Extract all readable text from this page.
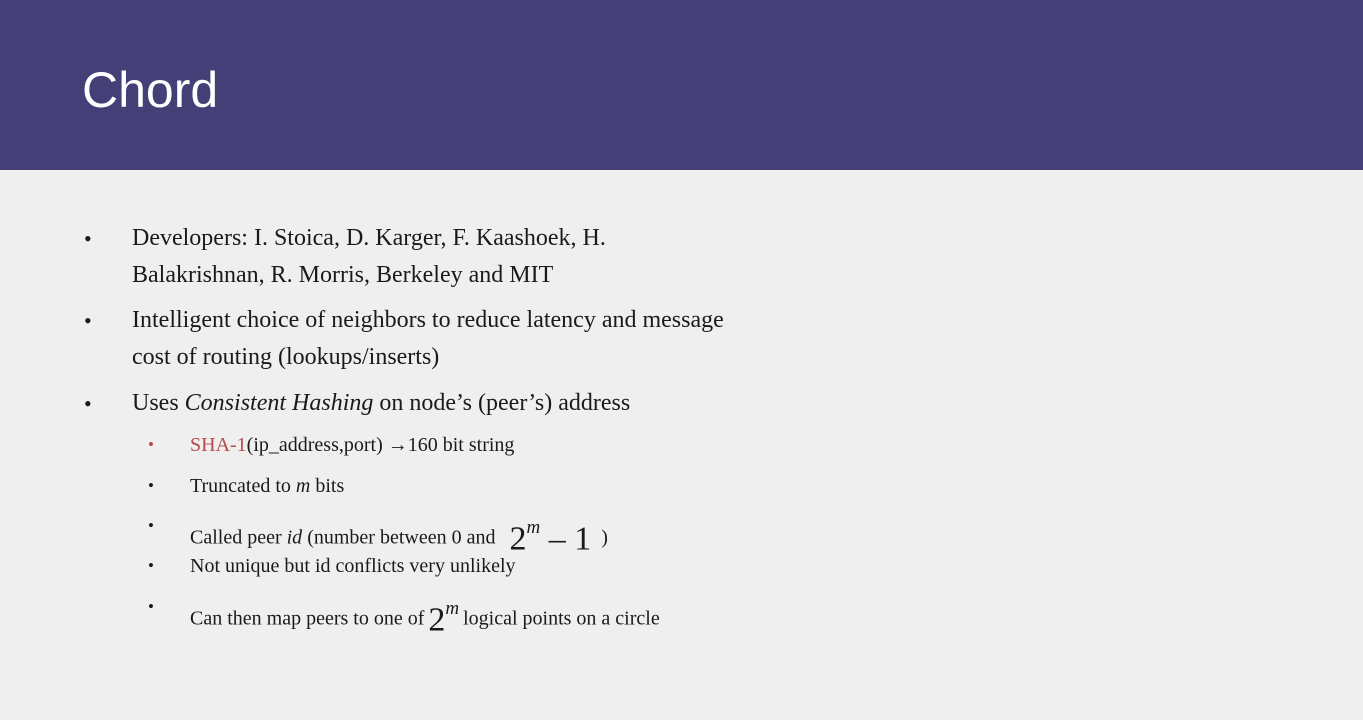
Chord
• Developers: I. Stoica, D. Karger, F. Kaashoek, H.
Balakrishnan, R. Morris, Berkeley and MIT
• Intelligent choice of neighbors to reduce latency and message
cost of routing (lookups/inserts)
• Uses Consistent Hashing on node’s (peer’s) address
• SHA-1(ip_address,port) →160 bit string
• Truncated to m bits
•
Called peer id (number between 0 and 2$^m$ – 1 )
• Not unique but id conflicts very unlikely
•
Can then map peers to one of 2$^m$ logical points on a circle
